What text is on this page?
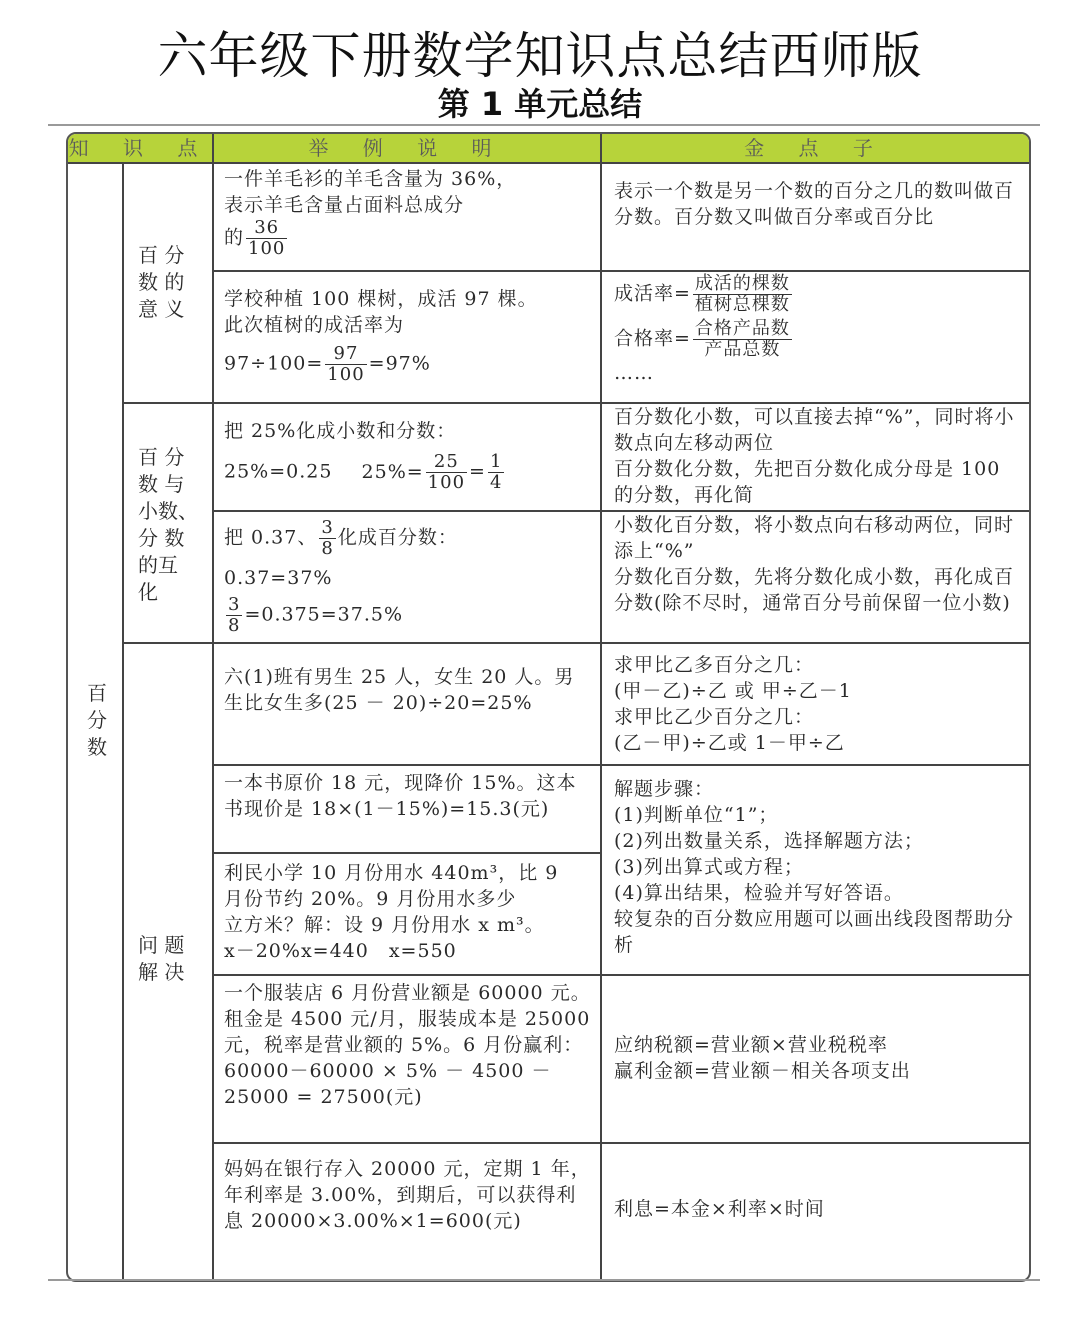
六年级下册数学知识点总结西师版
第 1 单元总结
知 识 点	举 例 说 明	金 点 子
百
分
数
百 分
数 的
意 义
百 分
数 与
小数、
分 数
的互
化
问 题
解 决
一件羊毛衫的羊毛含量为 36%，
表示羊毛含量占面料总成分
的 $\frac{36}{100}$
表示一个数是另一个数的百分之几的数叫做百分数。百分数又叫做百分率或百分比
学校种植 100 棵树，成活 97 棵。
此次植树的成活率为
$97\div 100= \frac{97}{100} =97\%$
成活率= $\frac{\text{成活的棵数}}{\text{植树总棵数}}$
合格率= $\frac{\text{合格产品数}}{\text{产品总数}}$
……
把 25%化成小数和分数：
25%=0.25 $25\%= \frac{25}{100} = \frac{1}{4}$
百分数化小数，可以直接去掉“%”，同时将小数点向左移动两位
百分数化分数，先把百分数化成分母是 100 的分数，再化简
把 0.37、 $\frac{3}{8}$ 化成百分数：
0.37=37%
$\frac{3}{8} =0.375=37.5\%$
小数化百分数，将小数点向右移动两位，同时添上“%”
分数化百分数，先将分数化成小数，再化成百分数(除不尽时，通常百分号前保留一位小数)
六(1)班有男生 25 人，女生 20 人。男生比女生多(25 － 20)÷20=25%
求甲比乙多百分之几：
(甲－乙)÷乙 或 甲÷乙－1
求甲比乙少百分之几：
(乙－甲)÷乙或 1－甲÷乙
一本书原价 18 元，现降价 15%。这本书现价是 18×(1－15%)=15.3(元)
解题步骤：
(1)判断单位“1”；
(2)列出数量关系，选择解题方法；
(3)列出算式或方程；
(4)算出结果，检验并写好答语。
较复杂的百分数应用题可以画出线段图帮助分析
利民小学 10 月份用水 440m³，比 9
月份节约 20%。9 月份用水多少
立方米？解：设 9 月份用水 x m³。
x－20%x=440　x=550
一个服装店 6 月份营业额是 60000 元。租金是 4500 元/月，服装成本是 25000 元，税率是营业额的 5%。6 月份赢利：60000－60000 × 5% － 4500 － 25000 = 27500(元)
应纳税额=营业额×营业税税率
赢利金额=营业额－相关各项支出
妈妈在银行存入 20000 元，定期 1 年，年利率是 3.00%，到期后，可以获得利息 20000×3.00%×1=600(元)
利息=本金×利率×时间
